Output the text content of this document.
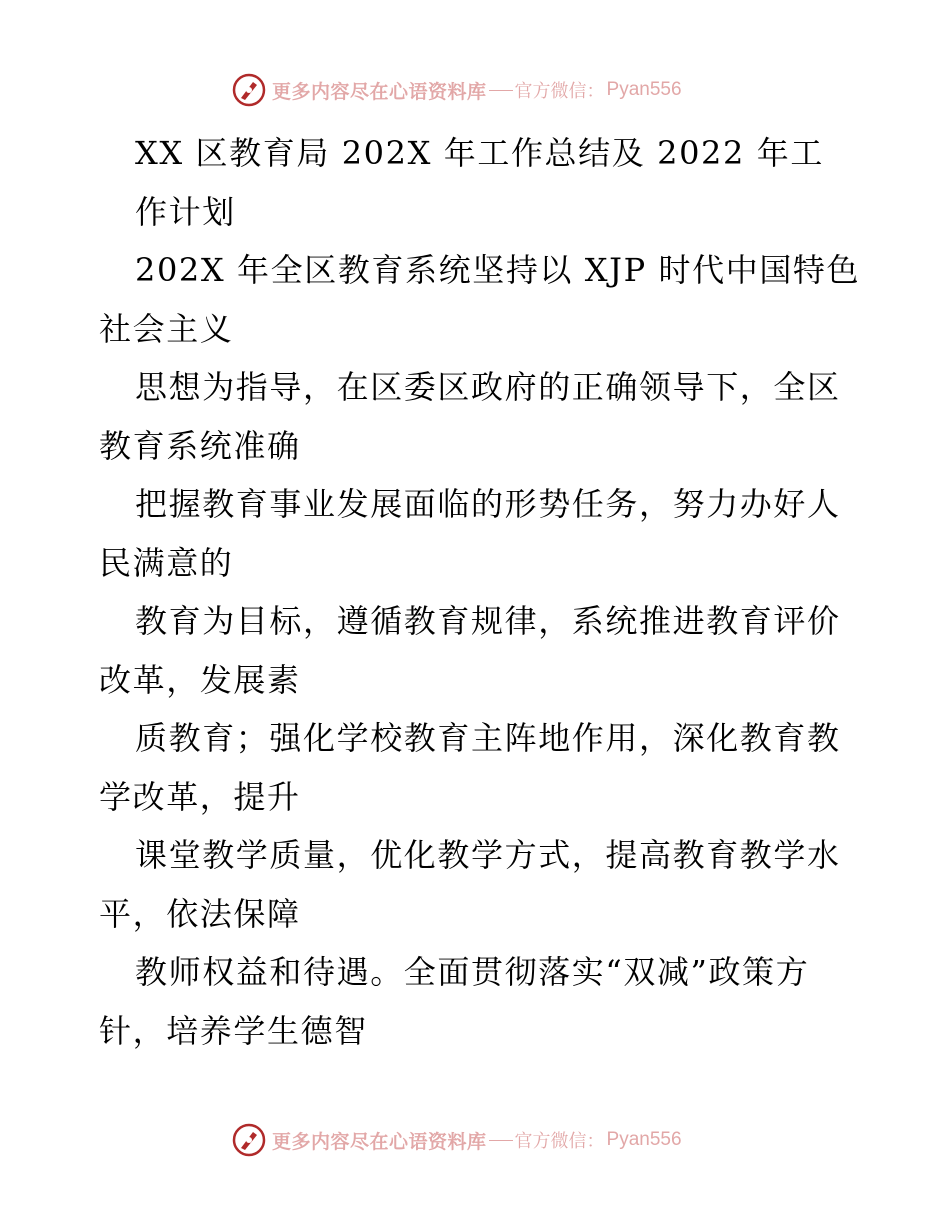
更多内容尽在心语资料库 官方微信： Pyan556
XX 区教育局 202X 年工作总结及 2022 年工
作计划
202X 年全区教育系统坚持以 XJP 时代中国特色
社会主义
思想为指导，在区委区政府的正确领导下，全区
教育系统准确
把握教育事业发展面临的形势任务，努力办好人
民满意的
教育为目标，遵循教育规律，系统推进教育评价
改革，发展素
质教育；强化学校教育主阵地作用，深化教育教
学改革，提升
课堂教学质量，优化教学方式，提高教育教学水
平，依法保障
教师权益和待遇。全面贯彻落实“双减”政策方
针，培养学生德智
更多内容尽在心语资料库 官方微信： Pyan556
